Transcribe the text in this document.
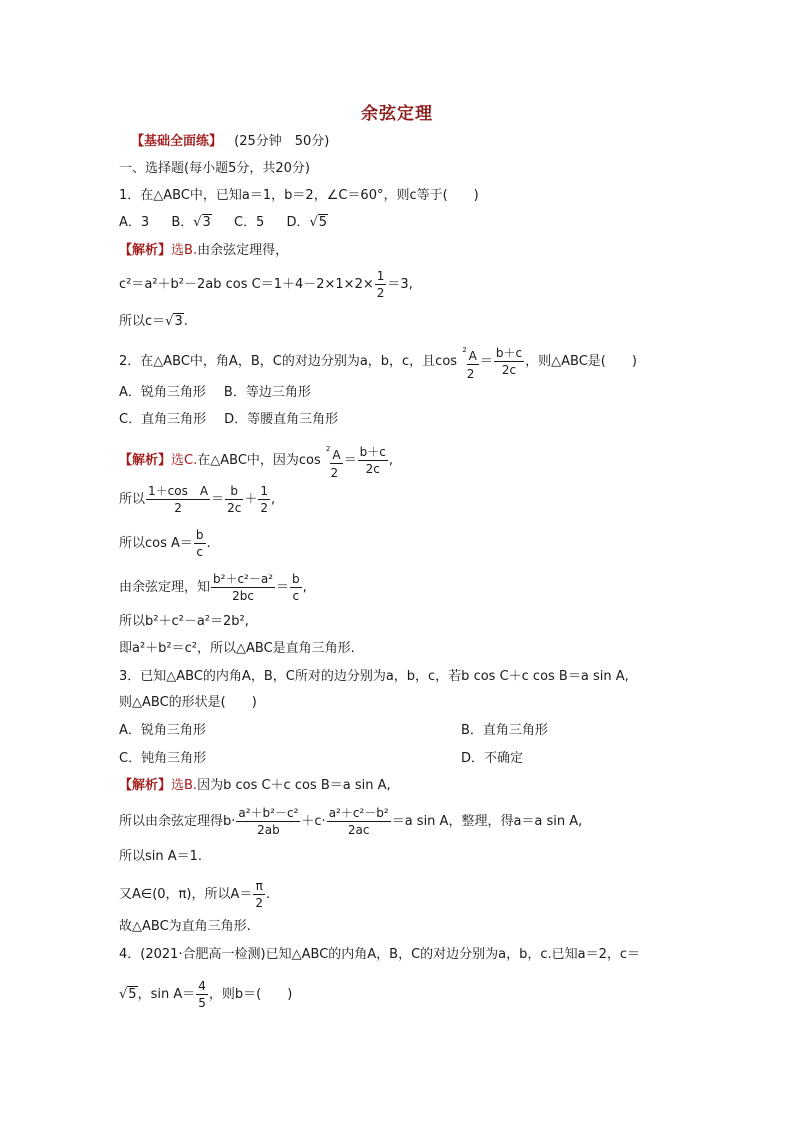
余弦定理
【基础全面练】 (25分钟　50分)
一、选择题(每小题5分，共20分)
1．在△ABC中，已知a＝1，b＝2，∠C＝60°，则c等于(　　)
A．3 B．√3 C．5 D．√5
【解析】选B.由余弦定理得，
c²＝a²＋b²－2ab $\cos C=1+4-2\times 1\times 2\times \frac{1}{2} =3$,
所以c＝√3.
2．在△ABC中，角A，B，C的对边分别为a，b，c，且cos $^2$ A
2
＝ $\frac{b+c}{2c}$ ，则△ABC是(　　)
A．锐角三角形 B．等边三角形
C．直角三角形 D．等腰直角三角形
【解析】选C.在△ABC中，因为cos $^2$ A
2
＝ $\frac{b+c}{2c}$ ,
所以 $\frac{\text{1＋cos　A}}{2} = \frac{b}{2c} + \frac{1}{2}$ ,
所以$\cos A= \frac{b}{c}$ .
由余弦定理，知 $\frac{\text{b²＋c²－a²}}{2bc} = \frac{b}{c}$ ,
所以b²＋c²－a²＝2b²,
即a²＋b²＝c²，所以△ABC是直角三角形.
3．已知△ABC的内角A，B，C所对的边分别为a，b，c，若b cos C＋c cos B＝a sin A,
则△ABC的形状是(　　)
A．锐角三角形	B．直角三角形
C．钝角三角形	D．不确定
【解析】选B.因为b cos C＋c cos B＝a sin A,
所以由余弦定理得$b\cdot \frac{\text{a²＋b²－c²}}{2ab} +c\cdot \frac{\text{a²＋c²－b²}}{2ac} =a$ sin A，整理，得a＝a sin A,
所以sin A＝1.
又A∈(0，π)，所以$A= \frac{\pi}{2}$ .
故△ABC为直角三角形.
4．(2021·合肥高一检测)已知△ABC的内角A，B，C的对边分别为a，b，c.已知a＝2，c＝
√5，$\sin A= \frac{4}{5}$ ，则b＝(　　)
